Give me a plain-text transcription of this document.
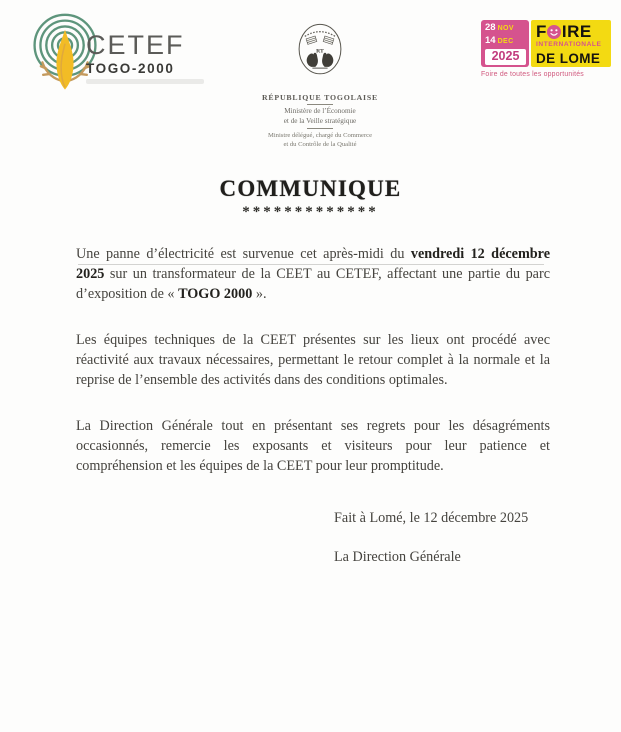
CETEF
TOGO-2000
RT
RÉPUBLIQUE TOGOLAISE
Ministère de l’Économie
et de la Veille stratégique
Ministre délégué, chargé du Commerce
et du Contrôle de la Qualité
28 NOV
14 DEC
2025
F IRE
INTERNATIONALE
DE LOME
Foire de toutes les opportunités
COMMUNIQUE
*************

Une panne d’électricité est survenue cet après-midi du vendredi 12 décembre 2025 sur un transformateur de la CEET au CETEF, affectant une partie du parc d’exposition de « TOGO 2000 ».

Les équipes techniques de la CEET présentes sur les lieux ont procédé avec réactivité aux travaux nécessaires, permettant le retour complet à la normale et la reprise de l’ensemble des activités dans des conditions optimales.

La Direction Générale tout en présentant ses regrets pour les désagréments occasionnés, remercie les exposants et visiteurs pour leur patience et compréhension et les équipes de la CEET pour leur promptitude.

Fait à Lomé, le 12 décembre 2025
La Direction Générale
